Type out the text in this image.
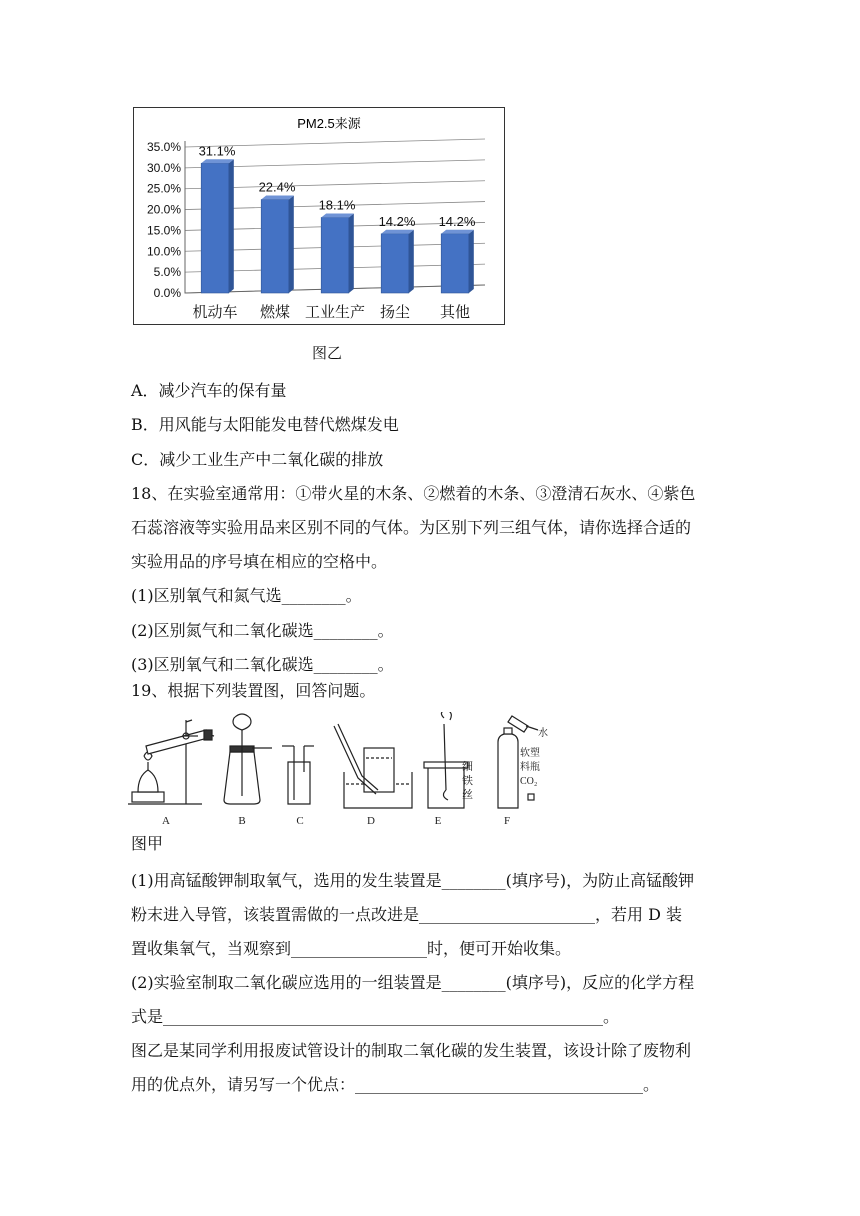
PM2.5来源
0.0%
5.0%
10.0%
15.0%
20.0%
25.0%
30.0%
35.0% 31.1%
22.4%
18.1%
14.2% 14.2%
机动车 燃煤 工业生产 扬尘 其他
图乙
A．减少汽车的保有量
B．用风能与太阳能发电替代燃煤发电
C．减少工业生产中二氧化碳的排放
18、在实验室通常用：①带火星的木条、②燃着的木条、③澄清石灰水、④紫色
石蕊溶液等实验用品来区别不同的气体。为区别下列三组气体，请你选择合适的
实验用品的序号填在相应的空格中。
(1)区别氧气和氮气选________。
(2)区别氮气和二氧化碳选________。
(3)区别氧气和二氧化碳选________。
19、根据下列装置图，回答问题。
A	B	C	D	E	F
细
铁
丝
水
软塑
料瓶
CO₂
图甲
(1)用高锰酸钾制取氧气，选用的发生装置是________(填序号)，为防止高锰酸钾
粉末进入导管，该装置需做的一点改进是______________________，若用 D 装
置收集氧气，当观察到_________________时，便可开始收集。
(2)实验室制取二氧化碳应选用的一组装置是________(填序号)，反应的化学方程
式是_______________________________________________________。
图乙是某同学利用报废试管设计的制取二氧化碳的发生装置，该设计除了废物利
用的优点外，请另写一个优点：____________________________________。
